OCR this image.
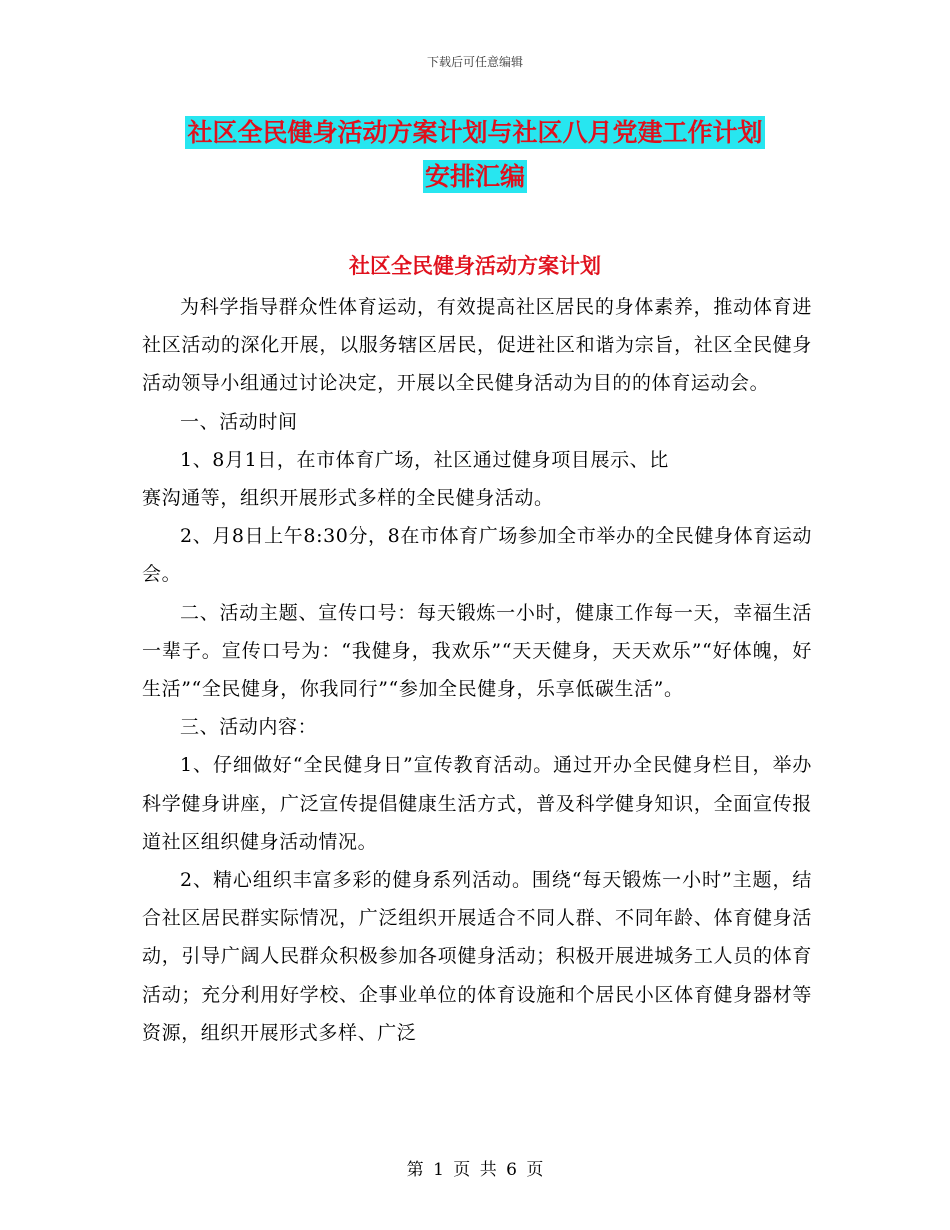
下载后可任意编辑
社区全民健身活动方案计划与社区八月党建工作计划
安排汇编
社区全民健身活动方案计划

为科学指导群众性体育运动，有效提高社区居民的身体素养，推动体育进社区活动的深化开展，以服务辖区居民，促进社区和谐为宗旨，社区全民健身活动领导小组通过讨论决定，开展以全民健身活动为目的的体育运动会。

一、活动时间

1、8月1日，在市体育广场，社区通过健身项目展示、比

赛沟通等，组织开展形式多样的全民健身活动。

2、月8日上午8:30分，8在市体育广场参加全市举办的全民健身体育运动会。

二、活动主题、宣传口号：每天锻炼一小时，健康工作每一天，幸福生活一辈子。宣传口号为：“我健身，我欢乐”“天天健身，天天欢乐”“好体魄，好生活”“全民健身，你我同行”“参加全民健身，乐享低碳生活”。

三、活动内容：

1、仔细做好“全民健身日”宣传教育活动。通过开办全民健身栏目，举办科学健身讲座，广泛宣传提倡健康生活方式，普及科学健身知识，全面宣传报道社区组织健身活动情况。

2、精心组织丰富多彩的健身系列活动。围绕“每天锻炼一小时”主题，结合社区居民群实际情况，广泛组织开展适合不同人群、不同年龄、体育健身活动，引导广阔人民群众积极参加各项健身活动；积极开展进城务工人员的体育活动；充分利用好学校、企事业单位的体育设施和个居民小区体育健身器材等资源，组织开展形式多样、广泛

第 1 页 共 6 页
